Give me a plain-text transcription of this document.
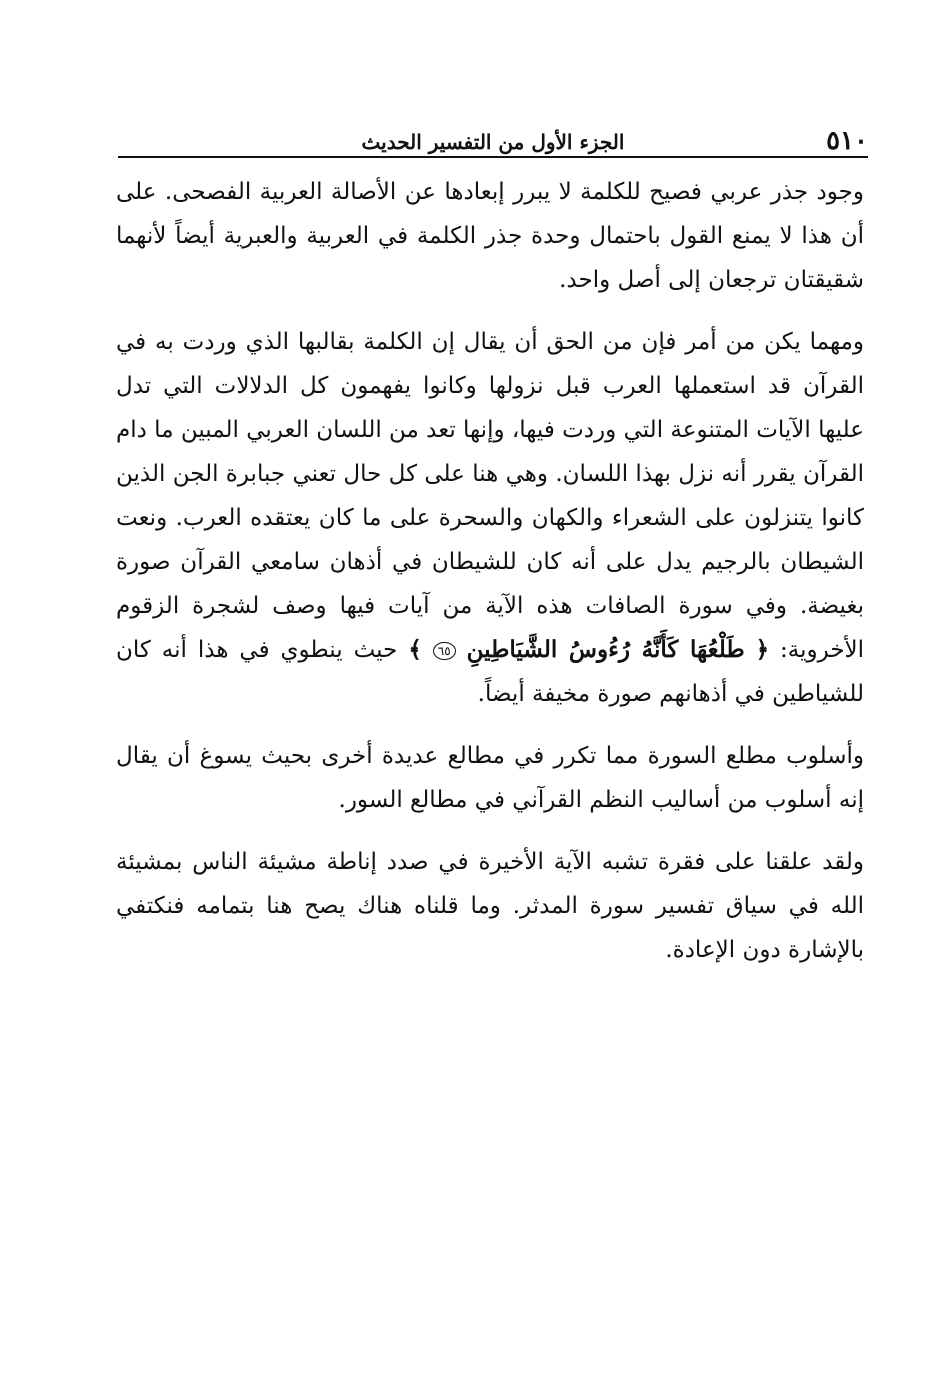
٥١٠
الجزء الأول من التفسير الحديث

وجود جذر عربي فصيح للكلمة لا يبرر إبعادها عن الأصالة العربية الفصحى. على أن هذا لا يمنع القول باحتمال وحدة جذر الكلمة في العربية والعبرية أيضاً لأنهما شقيقتان ترجعان إلى أصل واحد.

ومهما يكن من أمر فإن من الحق أن يقال إن الكلمة بقالبها الذي وردت به في القرآن قد استعملها العرب قبل نزولها وكانوا يفهمون كل الدلالات التي تدل عليها الآيات المتنوعة التي وردت فيها، وإنها تعد من اللسان العربي المبين ما دام القرآن يقرر أنه نزل بهذا اللسان. وهي هنا على كل حال تعني جبابرة الجن الذين كانوا يتنزلون على الشعراء والكهان والسحرة على ما كان يعتقده العرب. ونعت الشيطان بالرجيم يدل على أنه كان للشيطان في أذهان سامعي القرآن صورة بغيضة. وفي سورة الصافات هذه الآية من آيات فيها وصف لشجرة الزقوم الأخروية: ﴿ طَلْعُهَا كَأَنَّهُ رُءُوسُ الشَّيَاطِينِ ٦٥ ﴾ حيث ينطوي في هذا أنه كان للشياطين في أذهانهم صورة مخيفة أيضاً.

وأسلوب مطلع السورة مما تكرر في مطالع عديدة أخرى بحيث يسوغ أن يقال إنه أسلوب من أساليب النظم القرآني في مطالع السور.

ولقد علقنا على فقرة تشبه الآية الأخيرة في صدد إناطة مشيئة الناس بمشيئة الله في سياق تفسير سورة المدثر. وما قلناه هناك يصح هنا بتمامه فنكتفي بالإشارة دون الإعادة.
